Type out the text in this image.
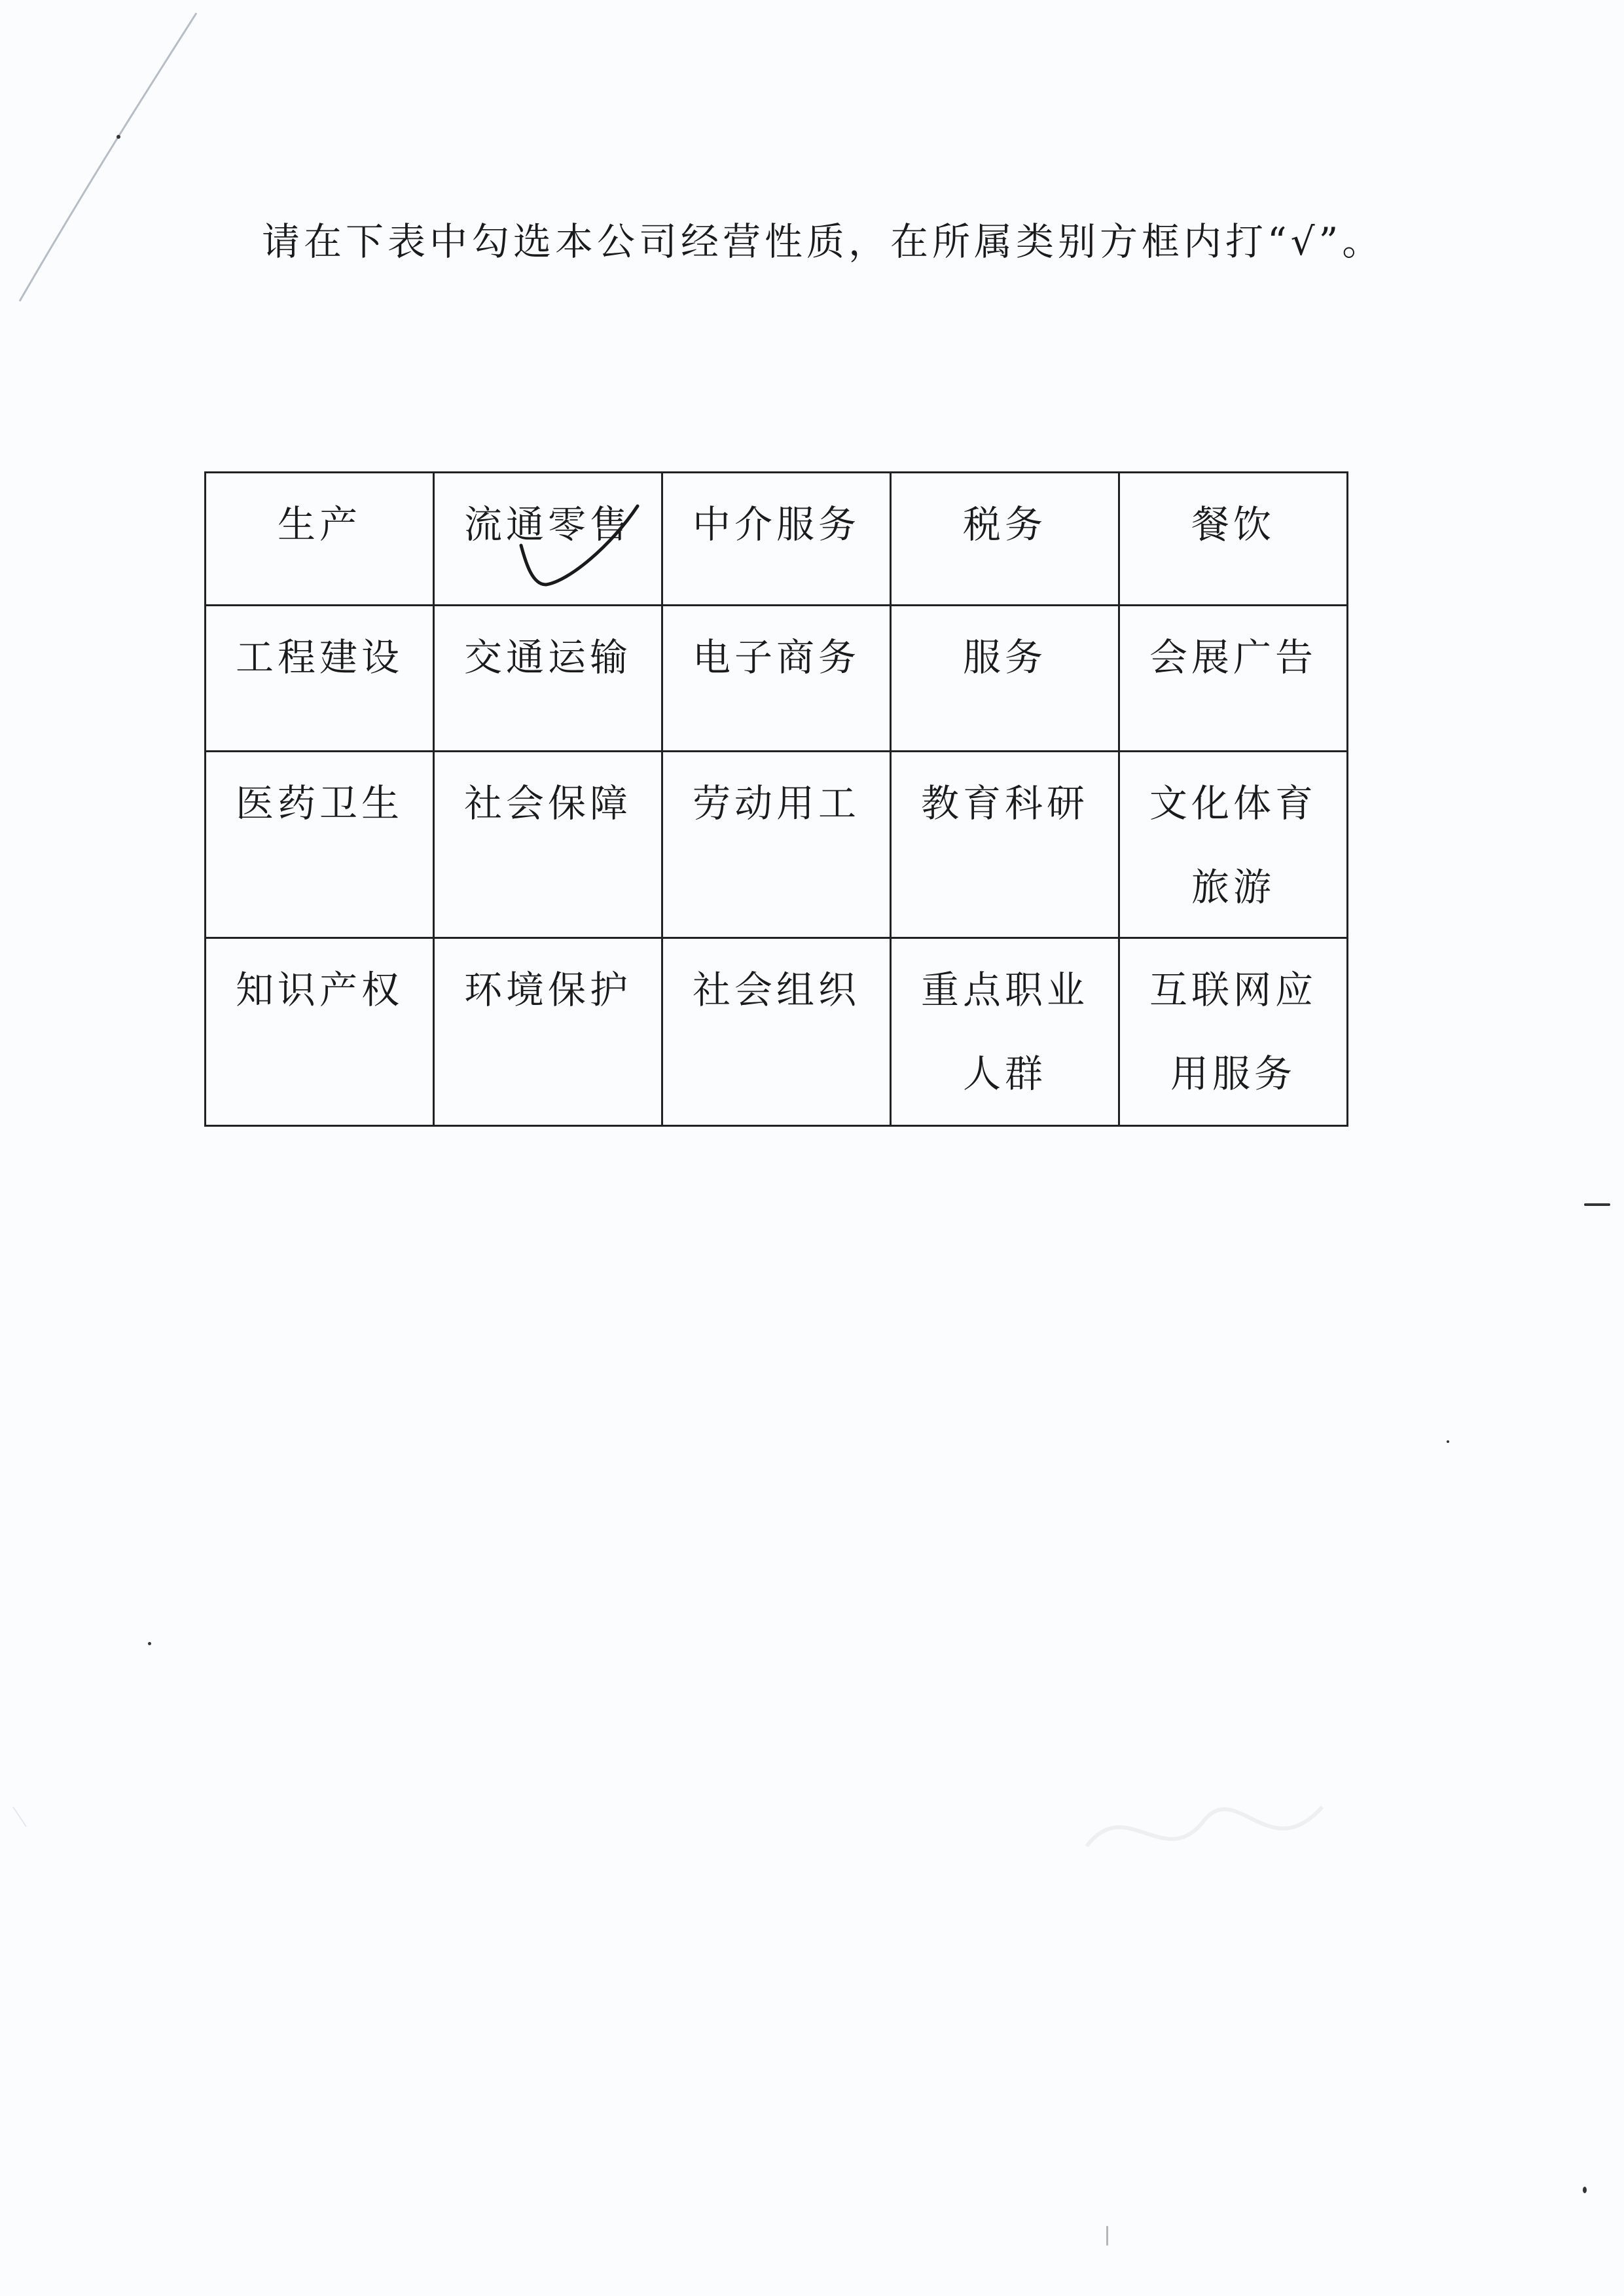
请在下表中勾选本公司经营性质，在所属类别方框内打“√”。
生产	流通零售	中介服务	税务	餐饮
工程建设	交通运输	电子商务	服务	会展广告
医药卫生	社会保障	劳动用工	教育科研	文化体育旅游
知识产权	环境保护	社会组织	重点职业人群	互联网应用服务
